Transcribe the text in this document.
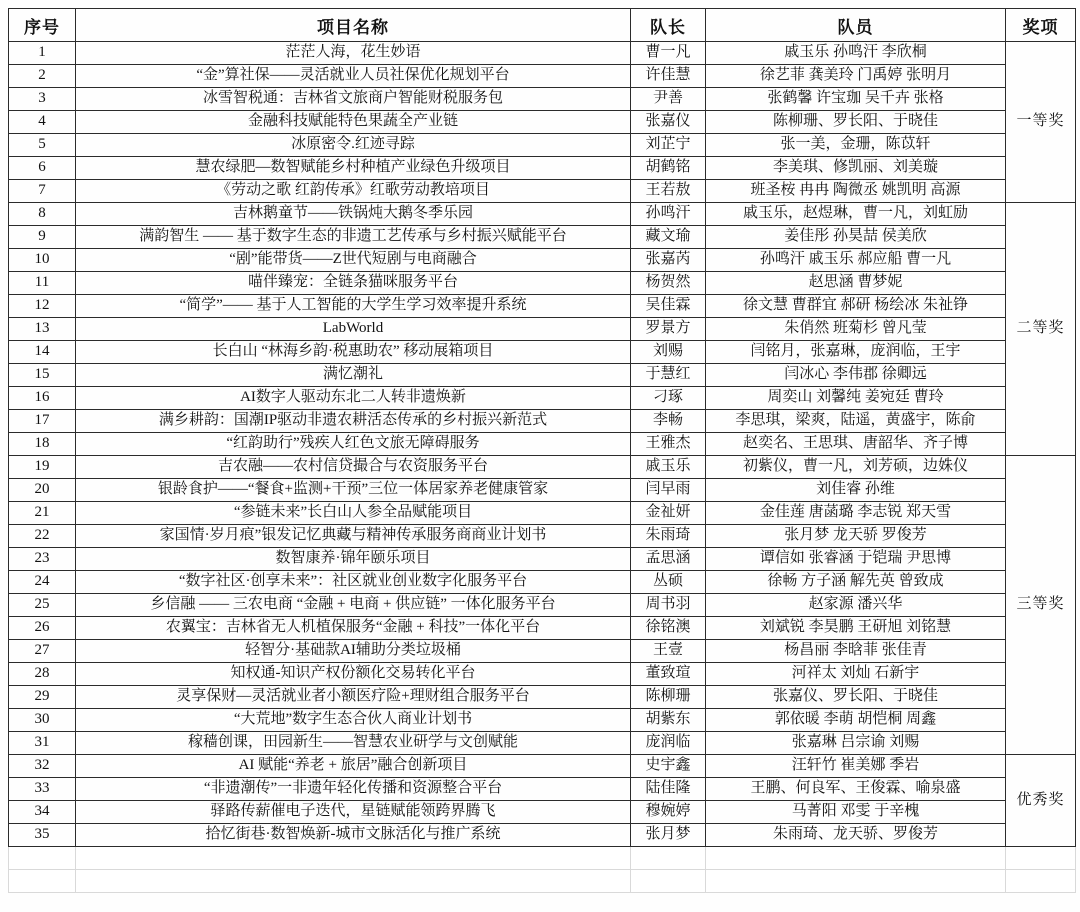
序号	项目名称	队长	队员	奖项
1	茫茫人海，花生妙语	曹一凡	戚玉乐 孙鸣汗 李欣桐	一等奖
2	“金”算社保——灵活就业人员社保优化规划平台	许佳慧	徐艺菲 龚美玲 门禹婷 张明月	
3	冰雪智税通：吉林省文旅商户智能财税服务包	尹善	张鹤馨 许宝珈 吴千卉 张格	
4	金融科技赋能特色果蔬全产业链	张嘉仪	陈柳珊、罗长阳、于晓佳	
5	冰原密令.红迹寻踪	刘芷宁	张一美，金珊，陈苡轩	
6	慧农绿肥—数智赋能乡村种植产业绿色升级项目	胡鹤铭	李美琪、修凯丽、刘美璇	
7	《劳动之歌 红韵传承》红歌劳动教培项目	王若敖	班圣桉 冉冉 陶微丞 姚凯明 高源	
8	吉林鹅童节——铁锅炖大鹅冬季乐园	孙鸣汗	戚玉乐，赵煜琳，曹一凡，刘虹励	二等奖
9	满韵智生 —— 基于数字生态的非遗工艺传承与乡村振兴赋能平台	藏文瑜	姜佳彤 孙昊喆 侯美欣	
10	“剧”能带货——Z世代短剧与电商融合	张嘉芮	孙鸣汗 戚玉乐 郝应船 曹一凡	
11	喵伴臻宠：全链条猫咪服务平台	杨贺然	赵思涵 曹梦妮	
12	“简学”—— 基于人工智能的大学生学习效率提升系统	吴佳霖	徐文慧 曹群宜 郝研 杨绘冰 朱祉铮	
13	LabWorld	罗景方	朱俏然 班菊杉 曾凡莹	
14	长白山 “林海乡韵·税惠助农” 移动展箱项目	刘赐	闫铭月，张嘉琳，庞润临，王宇	
15	满忆潮礼	于慧红	闫冰心 李伟郡 徐卿远	
16	AI数字人驱动东北二人转非遗焕新	刁琢	周奕山 刘馨纯 姜宛廷 曹玲	
17	满乡耕韵：国潮IP驱动非遗农耕活态传承的乡村振兴新范式	李畅	李思琪，梁爽，陆遥，黄盛宇，陈俞	
18	“红韵助行”残疾人红色文旅无障碍服务	王雅杰	赵奕名、王思琪、唐韶华、齐子博	
19	吉农融——农村信贷撮合与农资服务平台	戚玉乐	初紫仪，曹一凡，刘芳硕，边姝仪	三等奖
20	银龄食护——“餐食+监测+干预”三位一体居家养老健康管家	闫早雨	刘佳睿 孙维	
21	“参链未来”长白山人参全品赋能项目	金祉妍	金佳莲 唐菡璐 李志锐 郑天雪	
22	家国情·岁月痕”银发记忆典藏与精神传承服务商商业计划书	朱雨琦	张月梦 龙天骄 罗俊芳	
23	数智康养·锦年颐乐项目	孟思涵	谭信如 张睿涵 于铠瑞 尹思博	
24	“数字社区·创享未来”：社区就业创业数字化服务平台	丛硕	徐畅 方子涵 解先英 曾致成	
25	乡信融 —— 三农电商 “金融 + 电商 + 供应链” 一体化服务平台	周书羽	赵家源 潘兴华	
26	农翼宝：吉林省无人机植保服务“金融 + 科技”一体化平台	徐铭澳	刘斌锐 李昊鹏 王研旭 刘铭慧	
27	轻智分·基础款AI辅助分类垃圾桶	王壹	杨昌丽 李晗菲 张佳青	
28	知权通-知识产权份额化交易转化平台	董致瑄	河祥太 刘灿 石新宇	
29	灵享保财—灵活就业者小额医疗险+理财组合服务平台	陈柳珊	张嘉仪、罗长阳、于晓佳	
30	“大荒地”数字生态合伙人商业计划书	胡紫东	郭依暖 李萌 胡恺桐 周鑫	
31	稼穑创课，田园新生——智慧农业研学与文创赋能	庞润临	张嘉琳 吕宗谕 刘赐	
32	AI 赋能“养老 + 旅居”融合创新项目	史宇鑫	汪轩竹 崔美娜 季岩	优秀奖
33	“非遗潮传”一非遗年轻化传播和资源整合平台	陆佳隆	王鹏、何良军、王俊霖、喻泉盛	
34	驿路传薪催电子迭代，星链赋能领跨界腾飞	穆婉婷	马菁阳 邓雯 于辛槐	
35	拾忆街巷·数智焕新-城市文脉活化与推广系统	张月梦	朱雨琦、龙天骄、罗俊芳	
